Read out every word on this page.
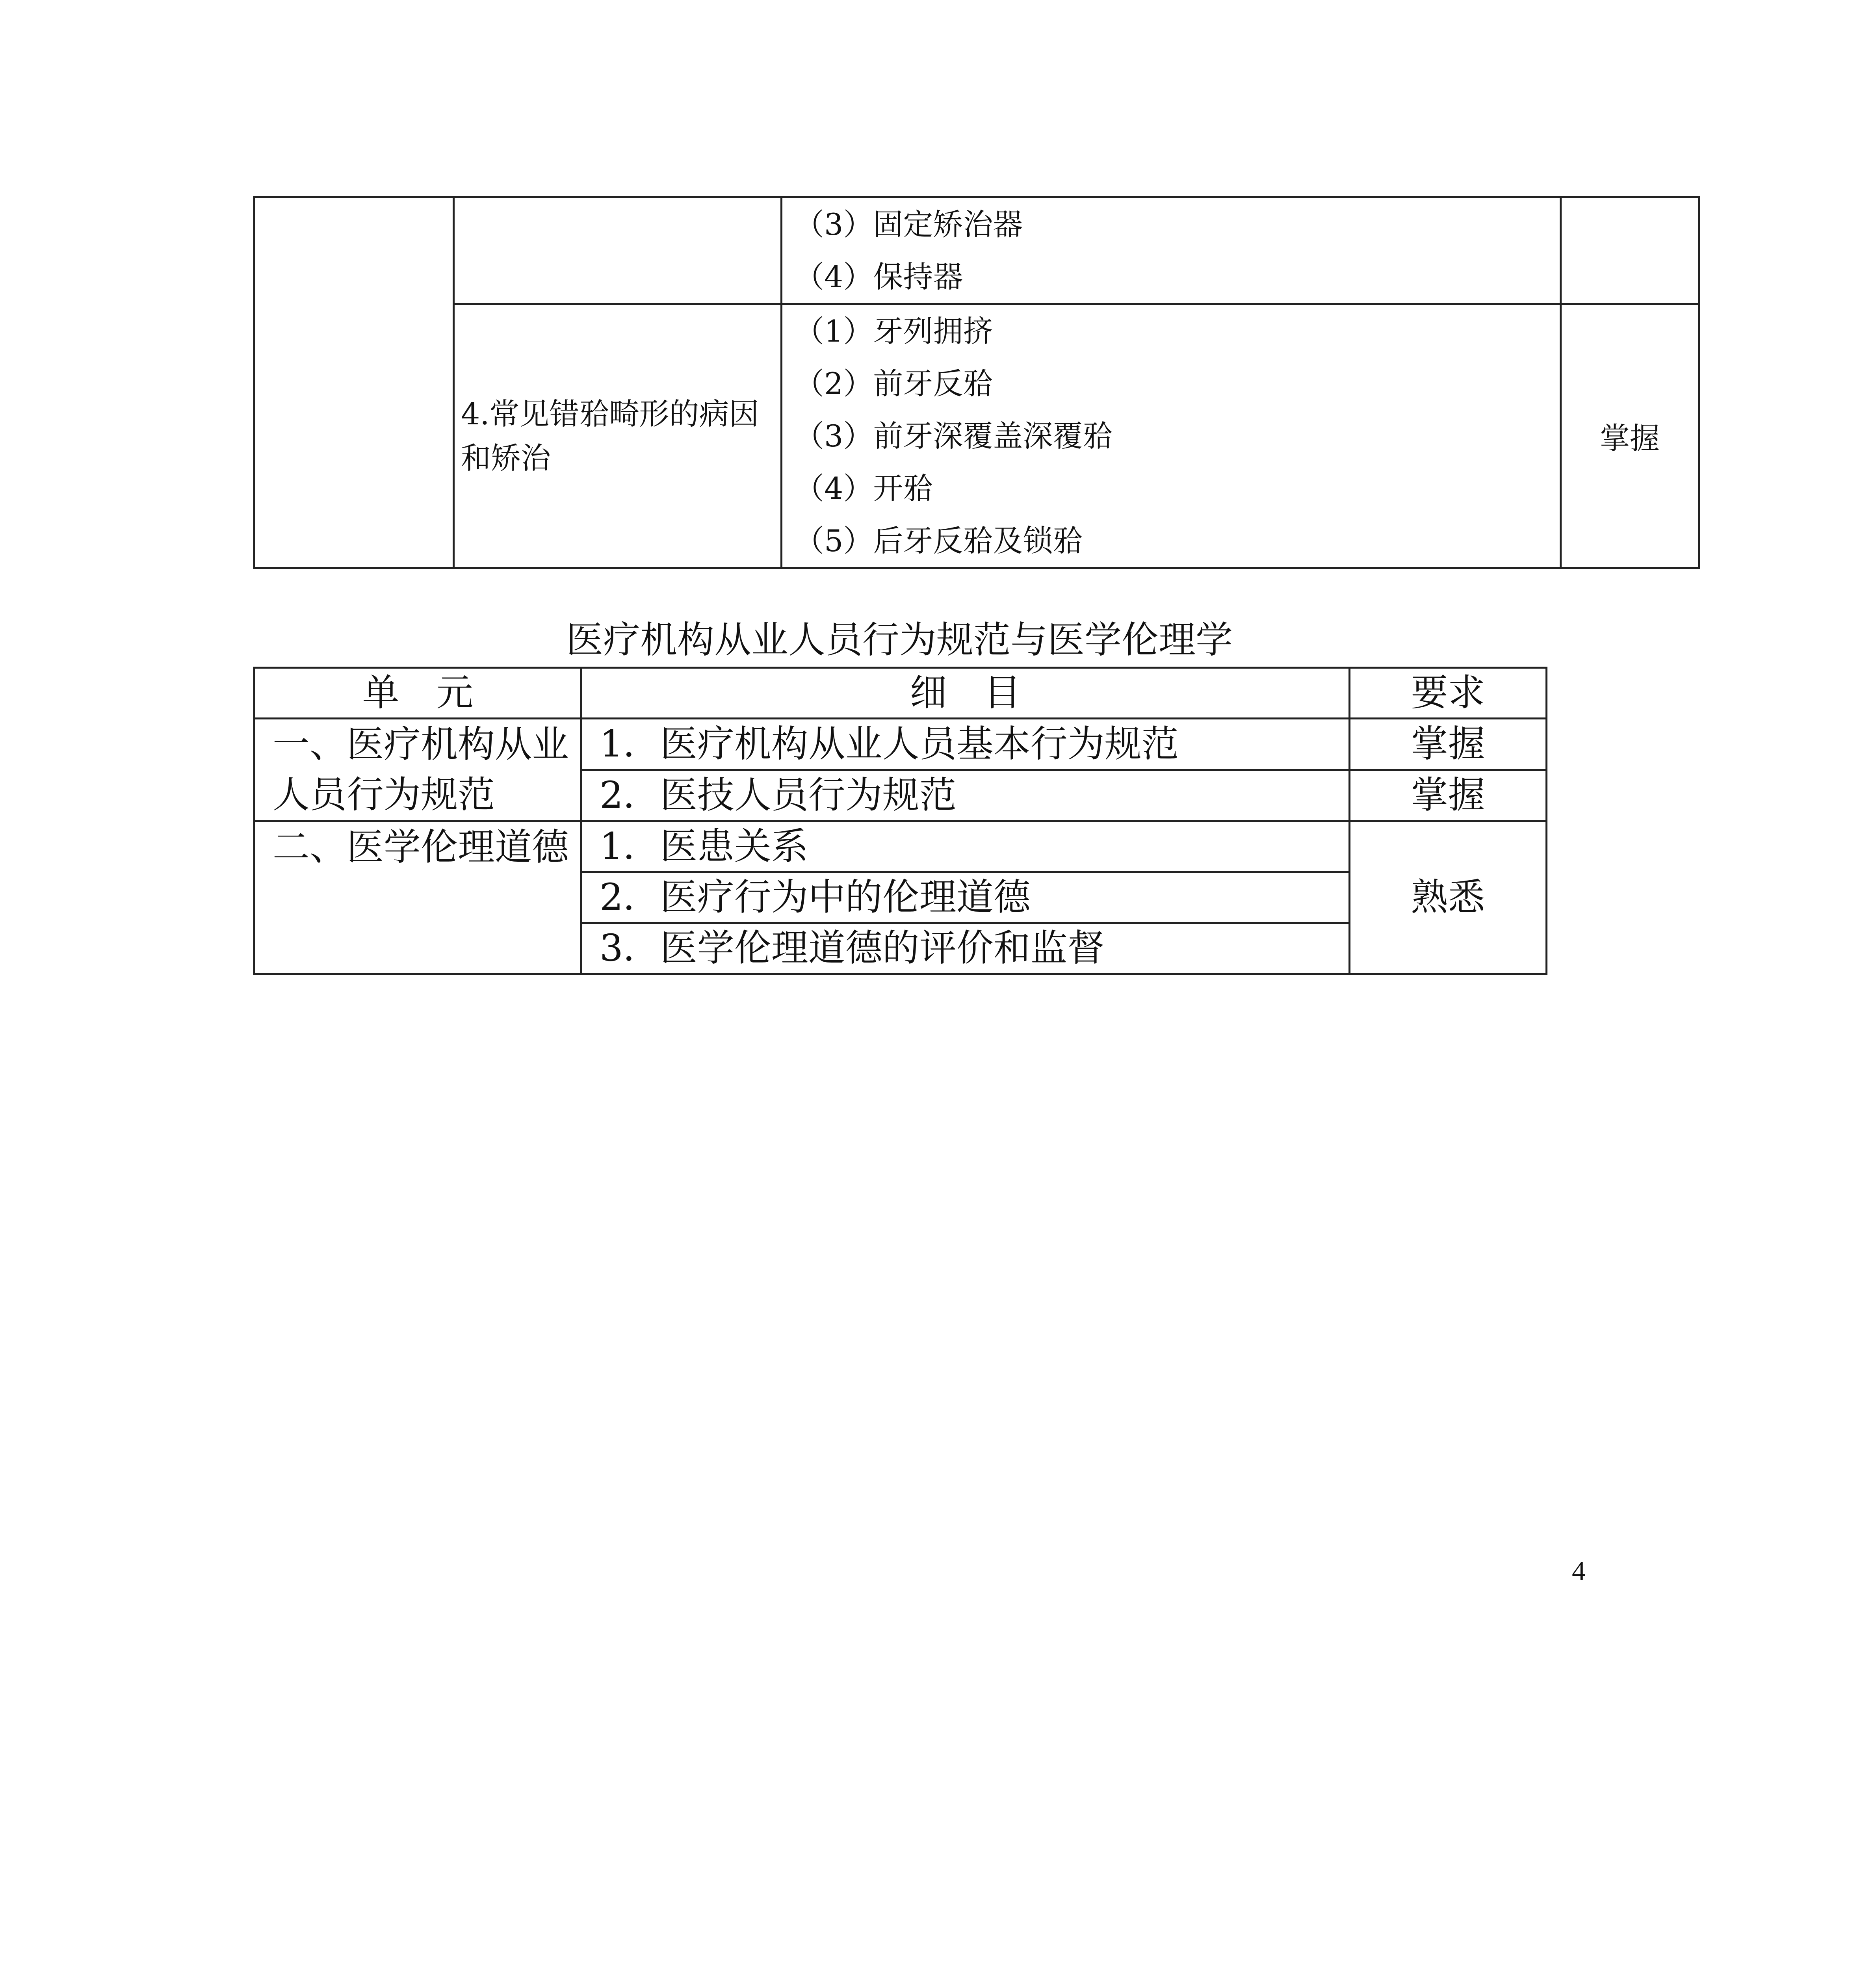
		（3）固定矫治器
（4）保持器	

	4.常见错𬌗畸形的病因和矫治	（1）牙列拥挤
（2）前牙反𬌗
（3）前牙深覆盖深覆𬌗
（4）开𬌗
（5）后牙反𬌗及锁𬌗	掌握
医疗机构从业人员行为规范与医学伦理学
单　元	细　目	要求
一、医疗机构从业人员行为规范	1．医疗机构从业人员基本行为规范	掌握
	2．医技人员行为规范	掌握
二、医学伦理道德	1．医患关系	熟悉
	2．医疗行为中的伦理道德	
	3．医学伦理道德的评价和监督	
4
